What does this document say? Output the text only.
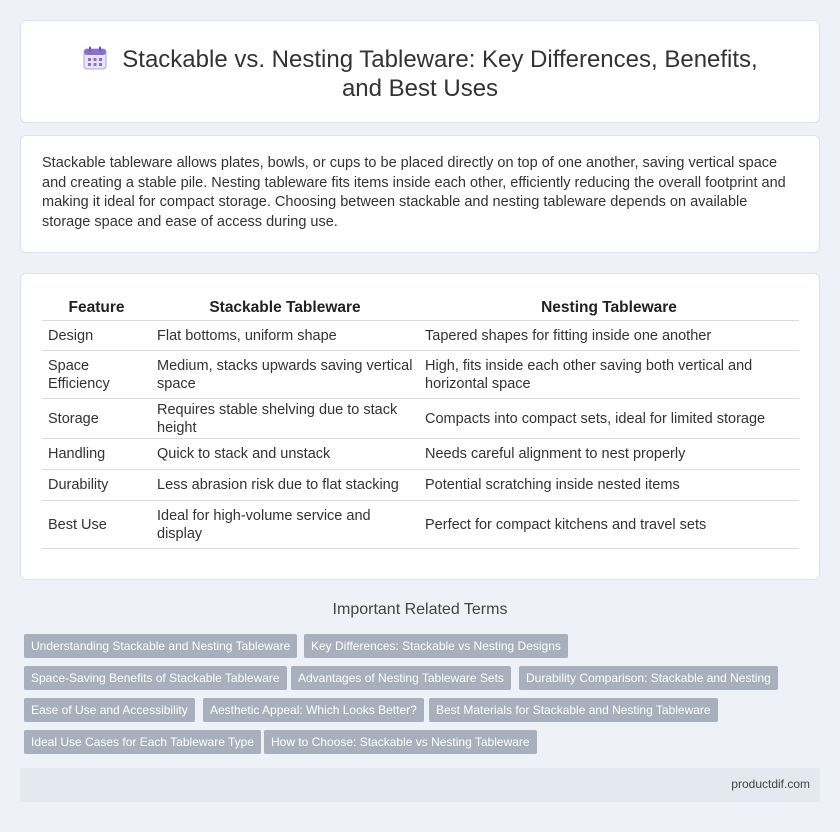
Stackable vs. Nesting Tableware: Key Differences, Benefits, and Best Uses

Stackable tableware allows plates, bowls, or cups to be placed directly on top of one another, saving vertical space and creating a stable pile. Nesting tableware fits items inside each other, efficiently reducing the overall footprint and making it ideal for compact storage. Choosing between stackable and nesting tableware depends on available storage space and ease of access during use.

Feature	Stackable Tableware	Nesting Tableware
Design	Flat bottoms, uniform shape	Tapered shapes for fitting inside one another
Space Efficiency	Medium, stacks upwards saving vertical space	High, fits inside each other saving both vertical and horizontal space
Storage	Requires stable shelving due to stack height	Compacts into compact sets, ideal for limited storage
Handling	Quick to stack and unstack	Needs careful alignment to nest properly
Durability	Less abrasion risk due to flat stacking	Potential scratching inside nested items
Best Use	Ideal for high-volume service and display	Perfect for compact kitchens and travel sets
Important Related Terms
Understanding Stackable and Nesting Tableware	Key Differences: Stackable vs Nesting Designs
Space-Saving Benefits of Stackable Tableware	Advantages of Nesting Tableware Sets	Durability Comparison: Stackable and Nesting
Ease of Use and Accessibility	Aesthetic Appeal: Which Looks Better?	Best Materials for Stackable and Nesting Tableware
Ideal Use Cases for Each Tableware Type	How to Choose: Stackable vs Nesting Tableware
productdif.com
